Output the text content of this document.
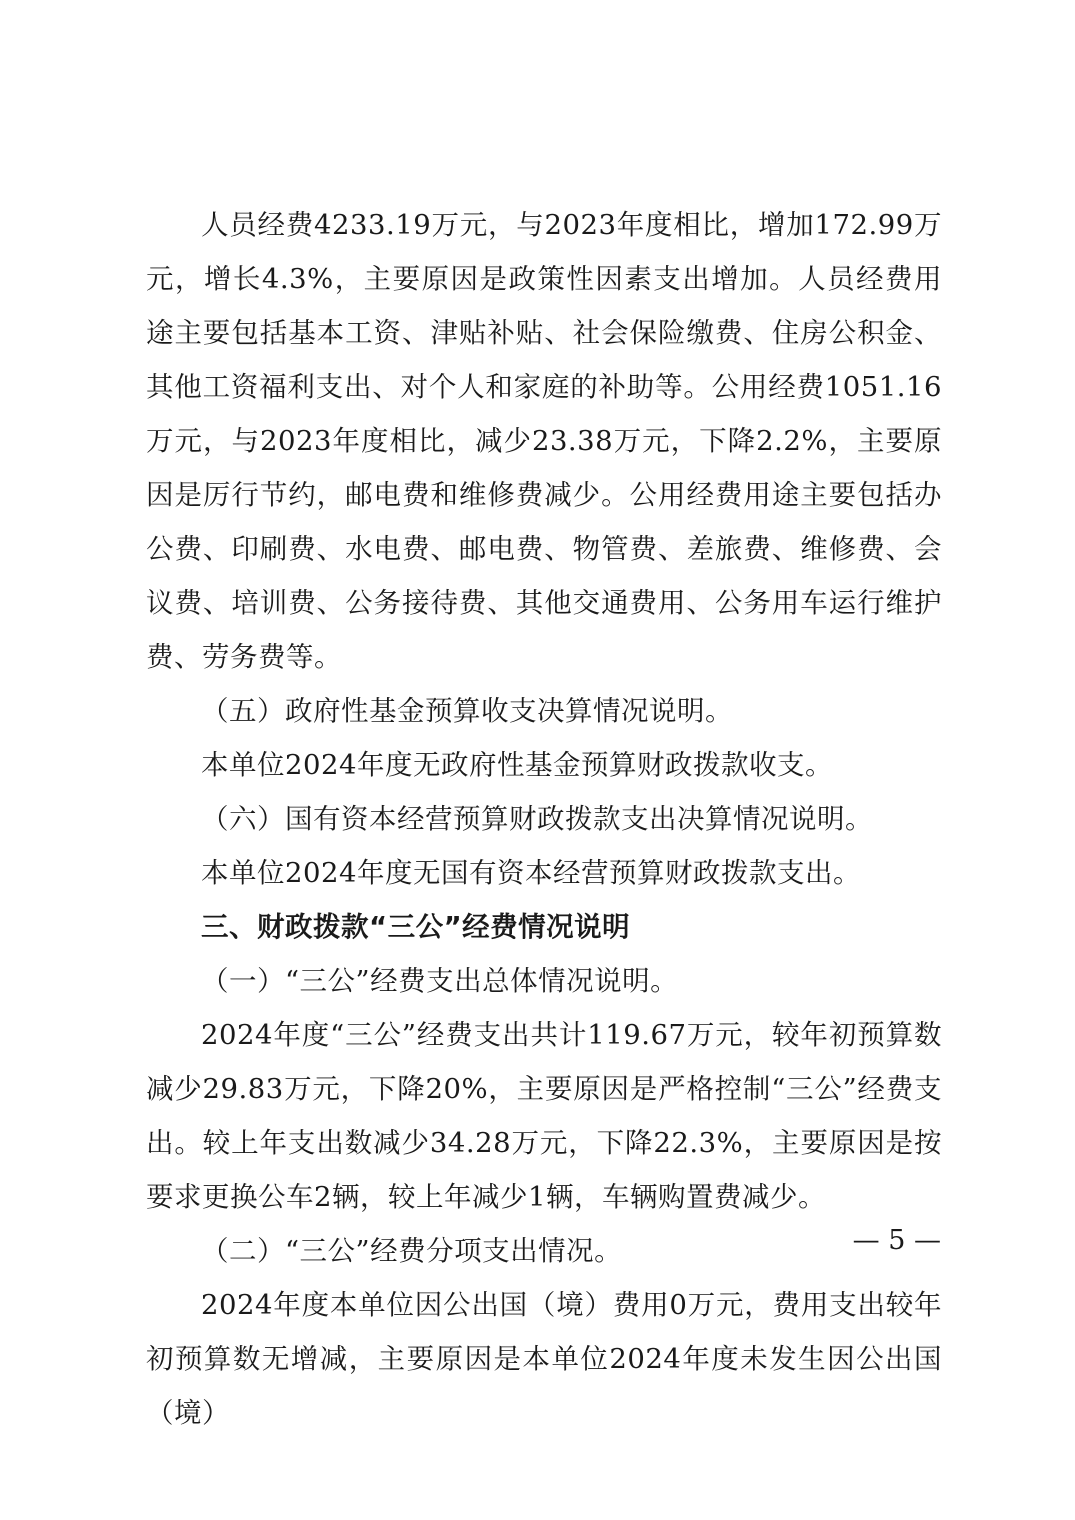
人员经费4233.19万元，与2023年度相比，增加172.99万元，增长4.3%，主要原因是政策性因素支出增加。人员经费用途主要包括基本工资、津贴补贴、社会保险缴费、住房公积金、其他工资福利支出、对个人和家庭的补助等。公用经费1051.16万元，与2023年度相比，减少23.38万元，下降2.2%，主要原因是厉行节约，邮电费和维修费减少。公用经费用途主要包括办公费、印刷费、水电费、邮电费、物管费、差旅费、维修费、会议费、培训费、公务接待费、其他交通费用、公务用车运行维护费、劳务费等。

（五）政府性基金预算收支决算情况说明。

本单位2024年度无政府性基金预算财政拨款收支。

（六）国有资本经营预算财政拨款支出决算情况说明。

本单位2024年度无国有资本经营预算财政拨款支出。

三、财政拨款“三公”经费情况说明

（一）“三公”经费支出总体情况说明。

2024年度“三公”经费支出共计119.67万元，较年初预算数减少29.83万元，下降20%，主要原因是严格控制“三公”经费支出。较上年支出数减少34.28万元，下降22.3%，主要原因是按要求更换公车2辆，较上年减少1辆，车辆购置费减少。

（二）“三公”经费分项支出情况。

2024年度本单位因公出国（境）费用0万元，费用支出较年初预算数无增减，主要原因是本单位2024年度未发生因公出国（境）

— 5 —
